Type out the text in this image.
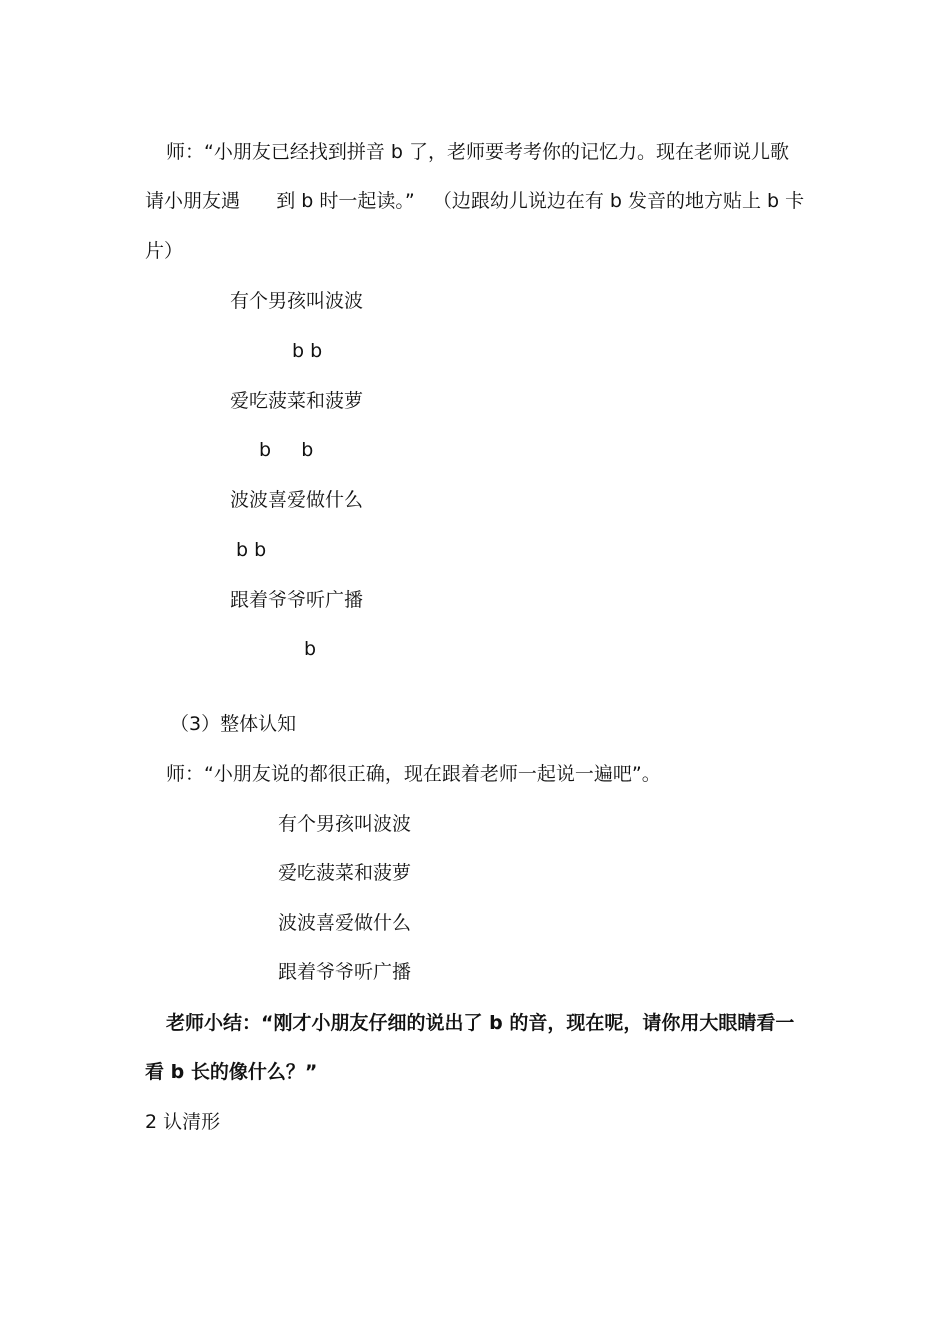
师：“小朋友已经找到拼音 b 了，老师要考考你的记忆力。现在老师说儿歌
请小朋友遇      到 b 时一起读。”   （边跟幼儿说边在有 b 发音的地方贴上 b 卡
片）
有个男孩叫波波
b b
爱吃菠菜和菠萝
b     b
波波喜爱做什么
b b
跟着爷爷听广播
b
（3）整体认知
师：“小朋友说的都很正确，现在跟着老师一起说一遍吧”。
有个男孩叫波波
爱吃菠菜和菠萝
波波喜爱做什么
跟着爷爷听广播
老师小结：“刚才小朋友仔细的说出了 b 的音，现在呢，请你用大眼睛看一
看 b 长的像什么？”
2 认清形
